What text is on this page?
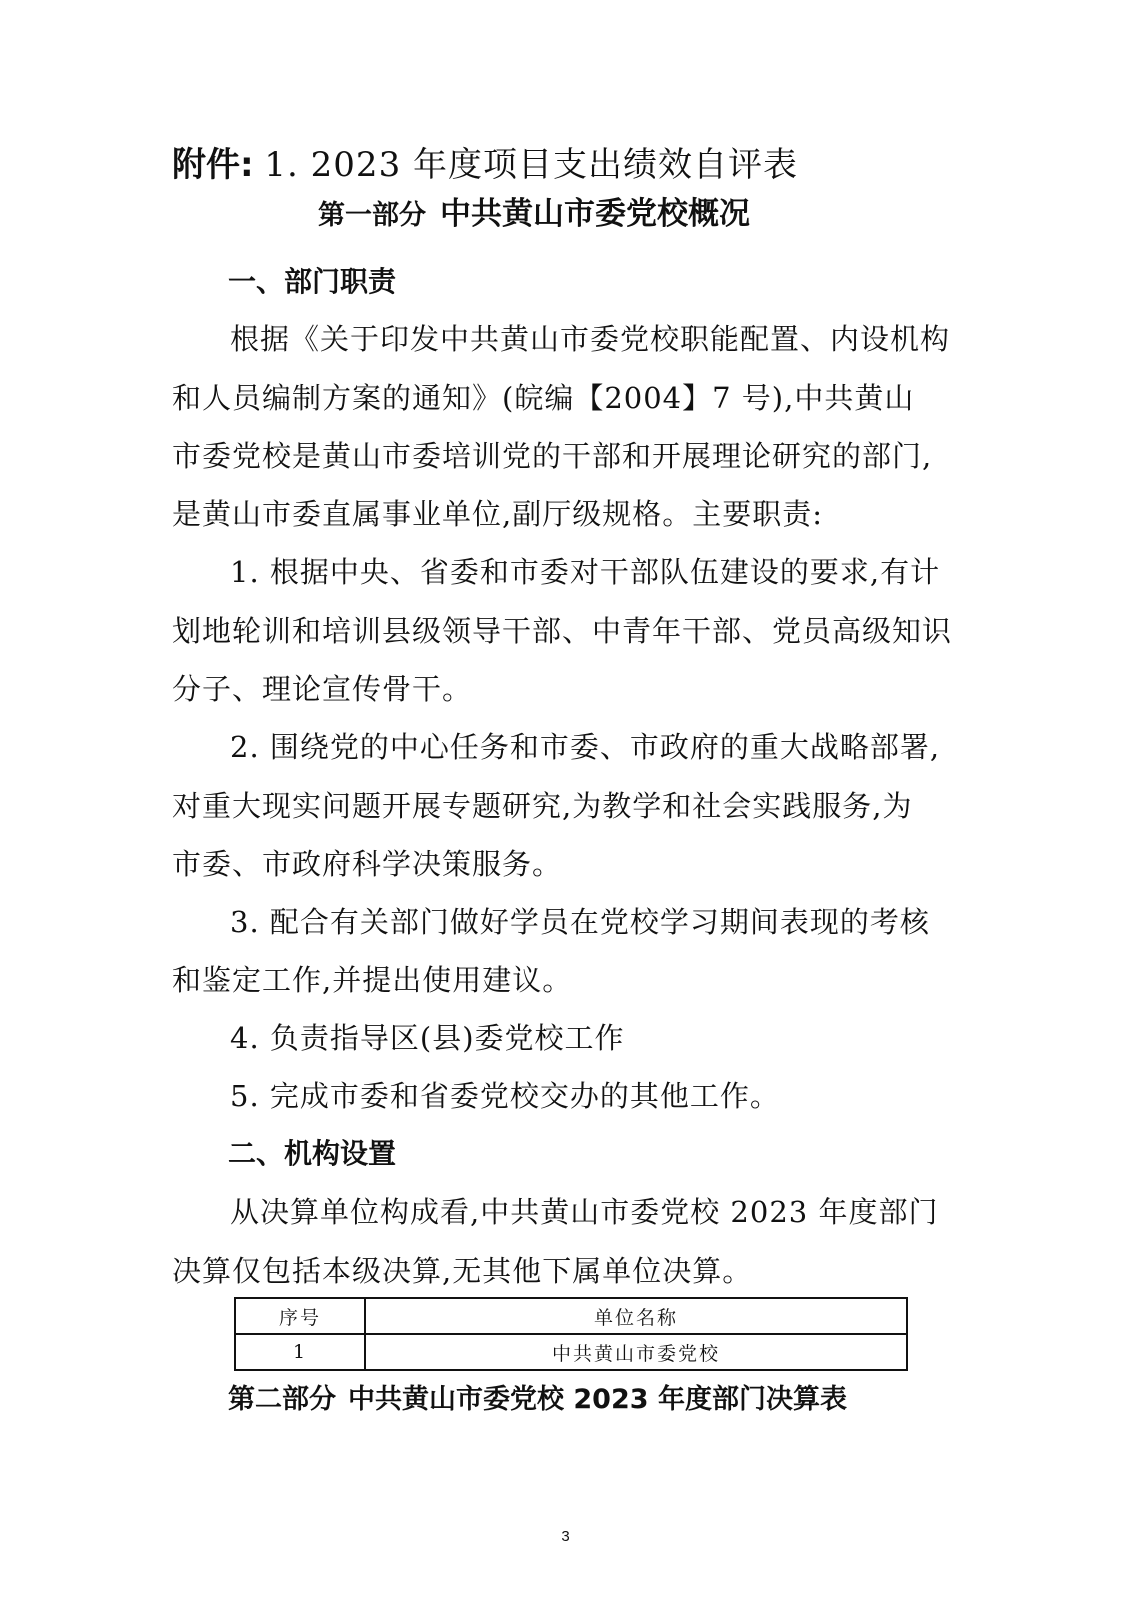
附件: 1. 2023 年度项目支出绩效自评表
第一部分 中共黄山市委党校概况
一、部门职责
根据《关于印发中共黄山市委党校职能配置、内设机构
和人员编制方案的通知》(皖编【2004】7 号),中共黄山
市委党校是黄山市委培训党的干部和开展理论研究的部门,
是黄山市委直属事业单位,副厅级规格。主要职责:
1. 根据中央、省委和市委对干部队伍建设的要求,有计
划地轮训和培训县级领导干部、中青年干部、党员高级知识
分子、理论宣传骨干。
2. 围绕党的中心任务和市委、市政府的重大战略部署,
对重大现实问题开展专题研究,为教学和社会实践服务,为
市委、市政府科学决策服务。
3. 配合有关部门做好学员在党校学习期间表现的考核
和鉴定工作,并提出使用建议。
4. 负责指导区(县)委党校工作
5. 完成市委和省委党校交办的其他工作。
二、机构设置
从决算单位构成看,中共黄山市委党校 2023 年度部门
决算仅包括本级决算,无其他下属单位决算。
序号	单位名称
1	中共黄山市委党校
第二部分 中共黄山市委党校 2023 年度部门决算表
3
